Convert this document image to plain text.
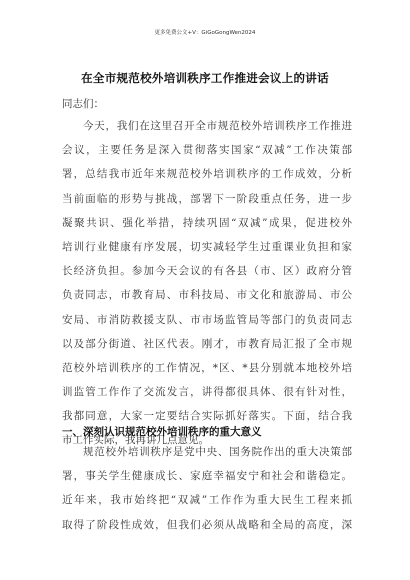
更多免费公文+V：GiGoGongWen2024
在全市规范校外培训秩序工作推进会议上的讲话
同志们：
今天，我们在这里召开全市规范校外培训秩序工作推进
会议，主要任务是深入贯彻落实国家“双减”工作决策部
署，总结我市近年来规范校外培训秩序的工作成效，分析
当前面临的形势与挑战，部署下一阶段重点任务，进一步
凝聚共识、强化举措，持续巩固“双减”成果，促进校外
培训行业健康有序发展，切实减轻学生过重课业负担和家
长经济负担。参加今天会议的有各县（市、区）政府分管
负责同志，市教育局、市科技局、市文化和旅游局、市公
安局、市消防救援支队、市市场监管局等部门的负责同志
以及部分街道、社区代表。刚才，市教育局汇报了全市规
范校外培训秩序的工作情况，*区、*县分别就本地校外培
训监管工作作了交流发言，讲得都很具体、很有针对性，
我都同意，大家一定要结合实际抓好落实。下面，结合我
市工作实际，我再讲几点意见。
一、深刻认识规范校外培训秩序的重大意义
规范校外培训秩序是党中央、国务院作出的重大决策部
署，事关学生健康成长、家庭幸福安宁和社会和谐稳定。
近年来，我市始终把“双减”工作作为重大民生工程来抓
取得了阶段性成效，但我们必须从战略和全局的高度，深
